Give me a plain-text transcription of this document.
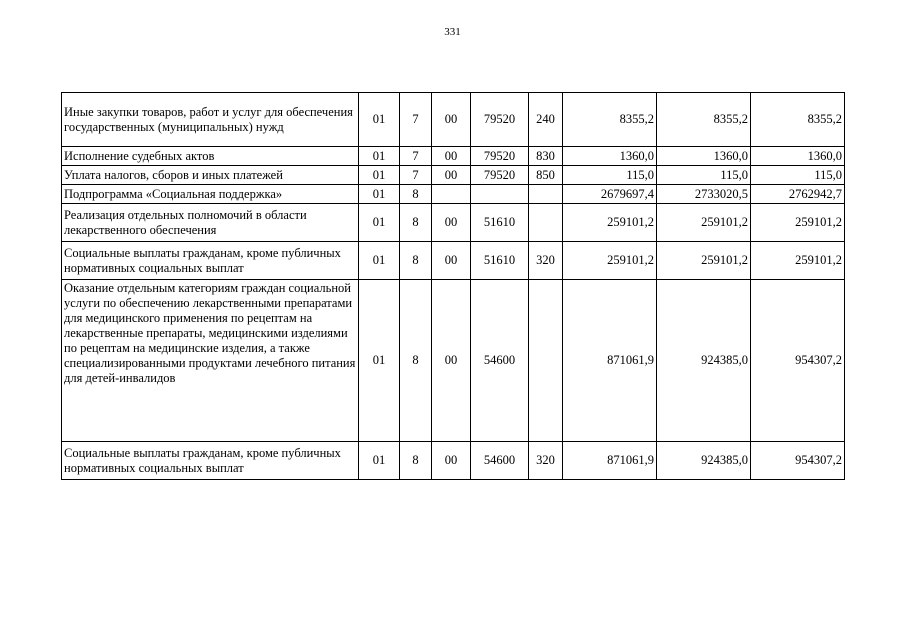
331
Иные закупки товаров, работ и услуг для обеспечения государственных (муниципальных) нужд	01	7	00	79520	240	8355,2	8355,2	8355,2
Исполнение судебных актов	01	7	00	79520	830	1360,0	1360,0	1360,0
Уплата налогов, сборов и иных платежей	01	7	00	79520	850	115,0	115,0	115,0
Подпрограмма «Социальная поддержка»	01	8				2679697,4	2733020,5	2762942,7
Реализация отдельных полномочий в области лекарственного обеспечения	01	8	00	51610		259101,2	259101,2	259101,2
Социальные выплаты гражданам, кроме публичных нормативных социальных выплат	01	8	00	51610	320	259101,2	259101,2	259101,2
Оказание отдельным категориям граждан социальной услуги по обеспечению лекарственными препаратами для медицинского применения по рецептам на лекарственные препараты, медицинскими изделиями по рецептам на медицинские изделия, а также специализированными продуктами лечебного питания для детей-инвалидов	01	8	00	54600		871061,9	924385,0	954307,2
Социальные выплаты гражданам, кроме публичных нормативных социальных выплат	01	8	00	54600	320	871061,9	924385,0	954307,2
